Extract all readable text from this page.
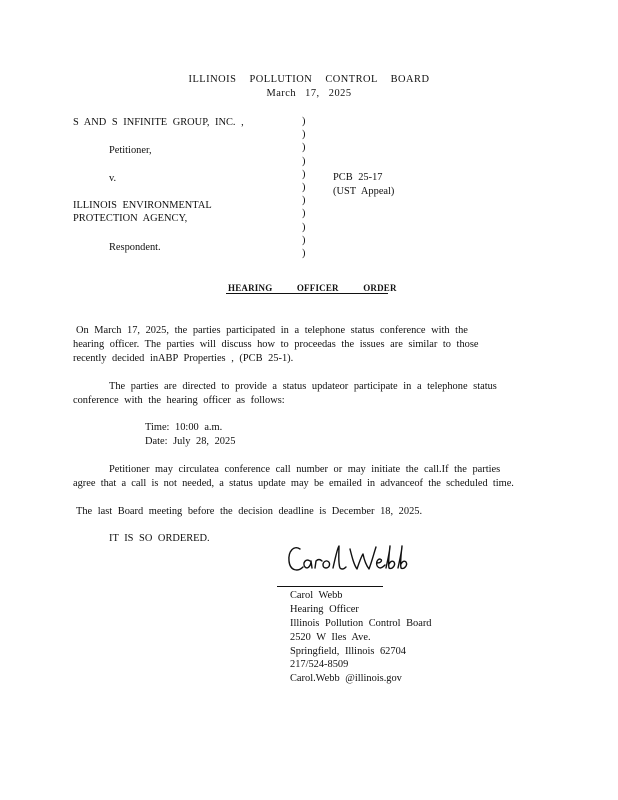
ILLINOIS POLLUTION CONTROL BOARD
March 17, 2025
S AND S INFINITE GROUP, INC. ,
Petitioner,
v.
ILLINOIS ENVIRONMENTAL
PROTECTION AGENCY,
Respondent.
)
)
)
)
)
)
)
)
)
)
)
PCB 25-17
(UST Appeal)
HEARING OFFICER ORDER
On March 17, 2025, the parties participated in a telephone status conference with the
hearing officer. The parties will discuss how to proceedas the issues are similar to those
recently decided inABP Properties , (PCB 25-1).
The parties are directed to provide a status updateor participate in a telephone status
conference with the hearing officer as follows:
Time: 10:00 a.m.
Date: July 28, 2025
Petitioner may circulatea conference call number or may initiate the call.If the parties
agree that a call is not needed, a status update may be emailed in advanceof the scheduled time.
The last Board meeting before the decision deadline is December 18, 2025.
IT IS SO ORDERED.
Carol Webb
Hearing Officer
Illinois Pollution Control Board
2520 W Iles Ave.
Springfield, Illinois 62704
217/524-8509
Carol.Webb @illinois.gov
